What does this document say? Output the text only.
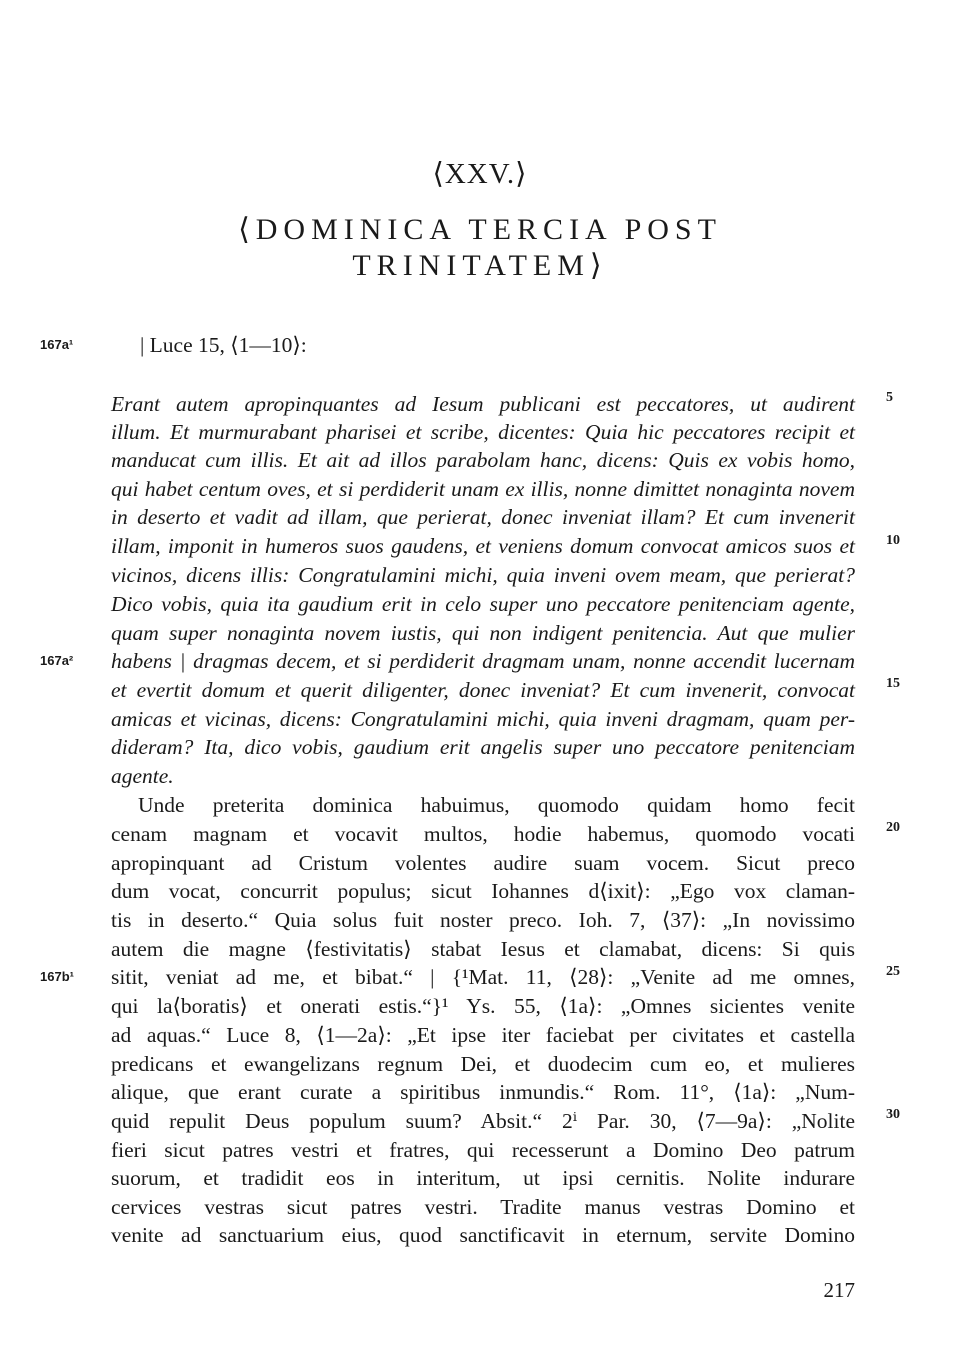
⟨XXV.⟩
⟨DOMINICA TERCIA POST
TRINITATEM⟩
167a¹	| Luce 15, ⟨1—10⟩:
Erant autem apropinquantes ad Iesum publicani est peccatores, ut audirent
illum. Et murmurabant pharisei et scribe, dicentes: Quia hic peccatores recipit et
manducat cum illis. Et ait ad illos parabolam hanc, dicens: Quis ex vobis homo,
qui habet centum oves, et si perdiderit unam ex illis, nonne dimittet nonaginta novem
in deserto et vadit ad illam, que perierat, donec inveniat illam? Et cum invenerit
illam, imponit in humeros suos gaudens, et veniens domum convocat amicos suos et
vicinos, dicens illis: Congratulamini michi, quia inveni ovem meam, que perierat?
Dico vobis, quia ita gaudium erit in celo super uno peccatore penitenciam agente,
quam super nonaginta novem iustis, qui non indigent penitencia. Aut que mulier
habens | dragmas decem, et si perdiderit dragmam unam, nonne accendit lucernam
et evertit domum et querit diligenter, donec inveniat? Et cum invenerit, convocat
amicas et vicinas, dicens: Congratulamini michi, quia inveni dragmam, quam per-
dideram? Ita, dico vobis, gaudium erit angelis super uno peccatore penitenciam
agente.
Unde preterita dominica habuimus, quomodo quidam homo fecit
cenam magnam et vocavit multos, hodie habemus, quomodo vocati
apropinquant ad Cristum volentes audire suam vocem. Sicut preco
dum vocat, concurrit populus; sicut Iohannes d⟨ixit⟩: „Ego vox claman-
tis in deserto.“ Quia solus fuit noster preco. Ioh. 7, ⟨37⟩: „In novissimo
autem die magne ⟨festivitatis⟩ stabat Iesus et clamabat, dicens: Si quis
sitit, veniat ad me, et bibat.“ | {¹Mat. 11, ⟨28⟩: „Venite ad me omnes,
qui la⟨boratis⟩ et onerati estis.“}¹ Ys. 55, ⟨1a⟩: „Omnes sicientes venite
ad aquas.“ Luce 8, ⟨1—2a⟩: „Et ipse iter faciebat per civitates et castella
predicans et ewangelizans regnum Dei, et duodecim cum eo, et mulieres
alique, que erant curate a spiritibus inmundis.“ Rom. 11°, ⟨1a⟩: „Num-
quid repulit Deus populum suum? Absit.“ 2ⁱ Par. 30, ⟨7—9a⟩: „Nolite
fieri sicut patres vestri et fratres, qui recesserunt a Domino Deo patrum
suorum, et tradidit eos in interitum, ut ipsi cernitis. Nolite indurare
cervices vestras sicut patres vestri. Tradite manus vestras Domino et
venite ad sanctuarium eius, quod sanctificavit in eternum, servite Domino
167a²
167b¹
5
10
15
20
25
30
217
